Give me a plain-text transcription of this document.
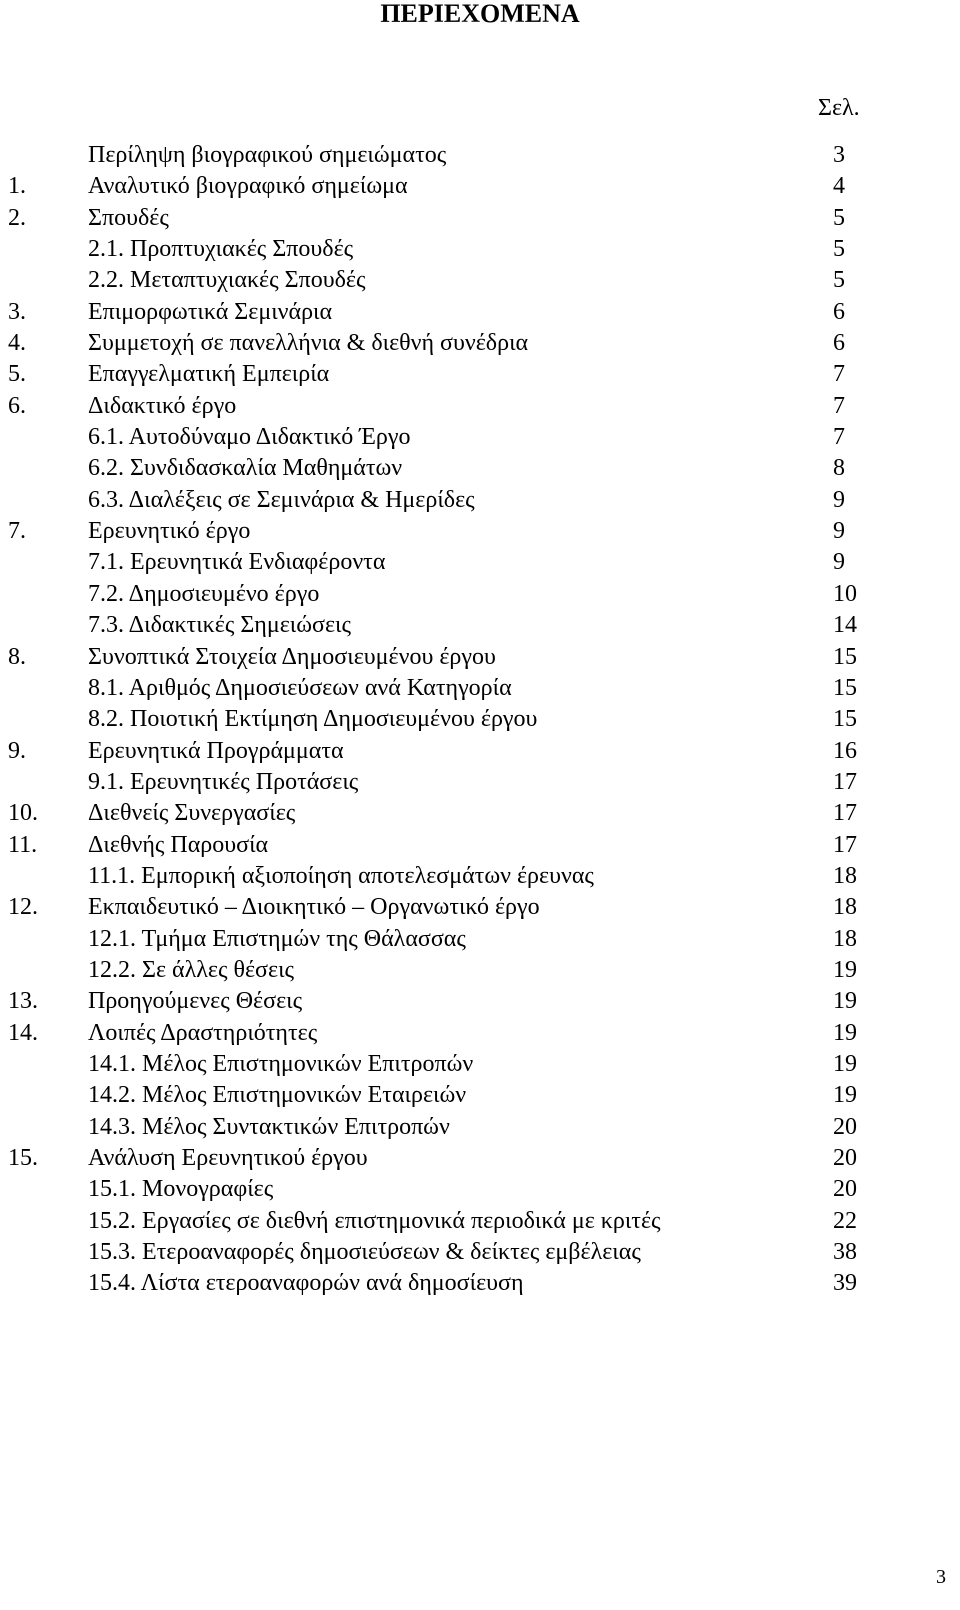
ΠΕΡΙΕΧΟΜΕΝΑ
Σελ.
Περίληψη βιογραφικού σημειώματος	3
1.	Αναλυτικό βιογραφικό σημείωμα	4
2.	Σπουδές	5
2.1. Προπτυχιακές Σπουδές	5
2.2. Μεταπτυχιακές Σπουδές	5
3.	Επιμορφωτικά Σεμινάρια	6
4.	Συμμετοχή σε πανελλήνια & διεθνή συνέδρια	6
5.	Επαγγελματική Εμπειρία	7
6.	Διδακτικό έργο	7
6.1. Αυτοδύναμο Διδακτικό Έργο	7
6.2. Συνδιδασκαλία Μαθημάτων	8
6.3. Διαλέξεις σε Σεμινάρια & Ημερίδες	9
7.	Ερευνητικό έργο	9
7.1. Ερευνητικά Ενδιαφέροντα	9
7.2. Δημοσιευμένο έργο	10
7.3. Διδακτικές Σημειώσεις	14
8.	Συνοπτικά Στοιχεία Δημοσιευμένου έργου	15
8.1. Αριθμός Δημοσιεύσεων ανά Κατηγορία	15
8.2. Ποιοτική Εκτίμηση Δημοσιευμένου έργου	15
9.	Ερευνητικά Προγράμματα	16
9.1. Ερευνητικές Προτάσεις	17
10. Διεθνείς Συνεργασίες	17
11. Διεθνής Παρουσία	17
11.1. Εμπορική αξιοποίηση αποτελεσμάτων έρευνας	18
12. Εκπαιδευτικό – Διοικητικό – Οργανωτικό έργο	18
12.1. Τμήμα Επιστημών της Θάλασσας	18
12.2. Σε άλλες θέσεις	19
13. Προηγούμενες Θέσεις	19
14. Λοιπές Δραστηριότητες	19
14.1. Μέλος Επιστημονικών Επιτροπών	19
14.2. Μέλος Επιστημονικών Εταιρειών	19
14.3. Μέλος Συντακτικών Επιτροπών	20
15. Ανάλυση Ερευνητικού έργου	20
15.1. Μονογραφίες	20
15.2. Εργασίες σε διεθνή επιστημονικά περιοδικά με κριτές	22
15.3. Ετεροαναφορές δημοσιεύσεων & δείκτες εμβέλειας	38
15.4. Λίστα ετεροαναφορών ανά δημοσίευση	39
3
